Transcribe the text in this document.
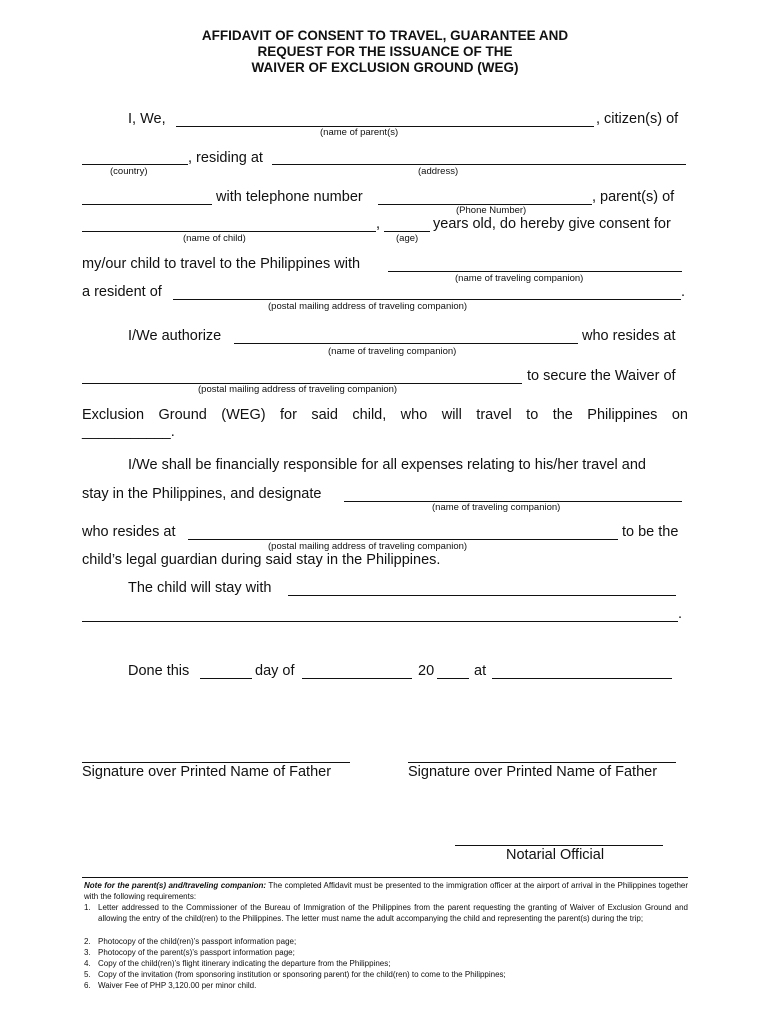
AFFIDAVIT OF CONSENT TO TRAVEL, GUARANTEE AND
REQUEST FOR THE ISSUANCE OF THE
WAIVER OF EXCLUSION GROUND (WEG)
I, We,	, citizen(s) of
(name of parent(s)
, residing at
(country)	(address)
with telephone number	, parent(s) of
(Phone Number)
,	years old, do hereby give consent for
(name of child)	(age)
my/our child to travel to the Philippines with
(name of traveling companion)
a resident of	.
(postal mailing address of traveling companion)
I/We authorize	who resides at
(name of traveling companion)
to secure the Waiver of
(postal mailing address of traveling companion)
Exclusion Ground (WEG) for said child, who will travel to the Philippines on
___________.
I/We shall be financially responsible for all expenses relating to his/her travel and
stay in the Philippines, and designate
(name of traveling companion)
who resides at	to be the
(postal mailing address of traveling companion)
child’s legal guardian during said stay in the Philippines.
The child will stay with
.
Done this	day of	20	at
Signature over Printed Name of Father	Signature over Printed Name of Father
Notarial Official
Note for the parent(s) and/traveling companion: The completed Affidavit must be presented to the immigration officer at the airport of arrival in the Philippines together with the following requirements:
1. Letter addressed to the Commissioner of the Bureau of Immigration of the Philippines from the parent requesting the granting of Waiver of Exclusion Ground and allowing the entry of the child(ren) to the Philippines. The letter must name the adult accompanying the child and representing the parent(s) during the trip;
2. Photocopy of the child(ren)’s passport information page;
3. Photocopy of the parent(s)’s passport information page;
4. Copy of the child(ren)’s flight itinerary indicating the departure from the Philippines;
5. Copy of the invitation (from sponsoring institution or sponsoring parent) for the child(ren) to come to the Philippines;
6. Waiver Fee of PHP 3,120.00 per minor child.
